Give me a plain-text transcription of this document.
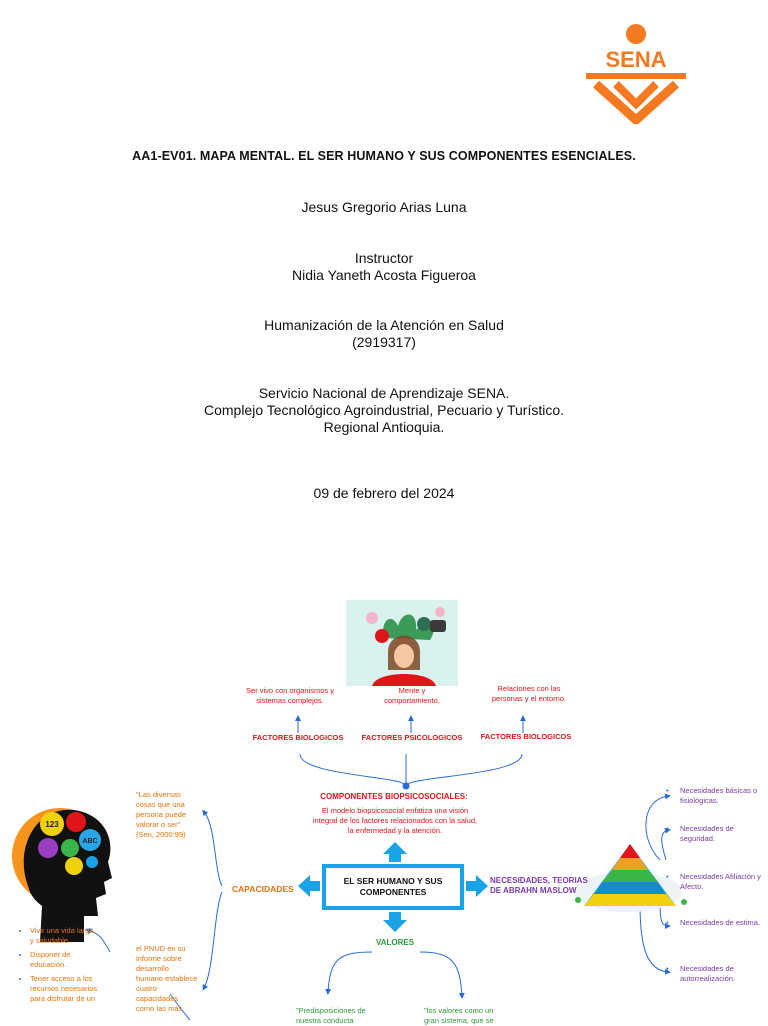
SENA
AA1-EV01. MAPA MENTAL. EL SER HUMANO Y SUS COMPONENTES ESENCIALES.
Jesus Gregorio Arias Luna
Instructor
Nidia Yaneth Acosta Figueroa
Humanización de la Atención en Salud
(2919317)
Servicio Nacional de Aprendizaje SENA.
Complejo Tecnológico Agroindustrial, Pecuario y Turístico.
Regional Antioquia.
09 de febrero del 2024
123
ABC
Ser vivo con organismos y sistemas complejos.
Mente y comportamiento.
Relaciones con las personas y el entorno.
FACTORES BIOLOGICOS	FACTORES PSICOLOGICOS	FACTORES BIOLOGICOS
COMPONENTES BIOPSICOSOCIALES:
El modelo biopsicosocial enfatiza una visión integral de los factores relacionados con la salud, la enfermedad y la atención.
EL SER HUMANO Y SUS COMPONENTES
CAPACIDADES
"Las diversas cosas que una persona puede valorar o ser" (Sen, 2000:99)
el PNUD en su informe sobre desarrollo humano establece cuatro capacidades como las más
• Vivir una vida larga y saludable.
• Disponer de educación.
• Tener acceso a los recursos necesarios para disfrutar de un
VALORES
"Predisposiciones de nuestra conducta
"los valores como un gran sistema, que se
NECESIDADES, TEORIAS DE ABRAHN MASLOW
•	Necesidades básicas o fisiológicas.
•	Necesidades de seguridad.
•	Necesidades Afiliación y Afecto.
•	Necesidades de estima.
•	Necesidades de autorrealización.
